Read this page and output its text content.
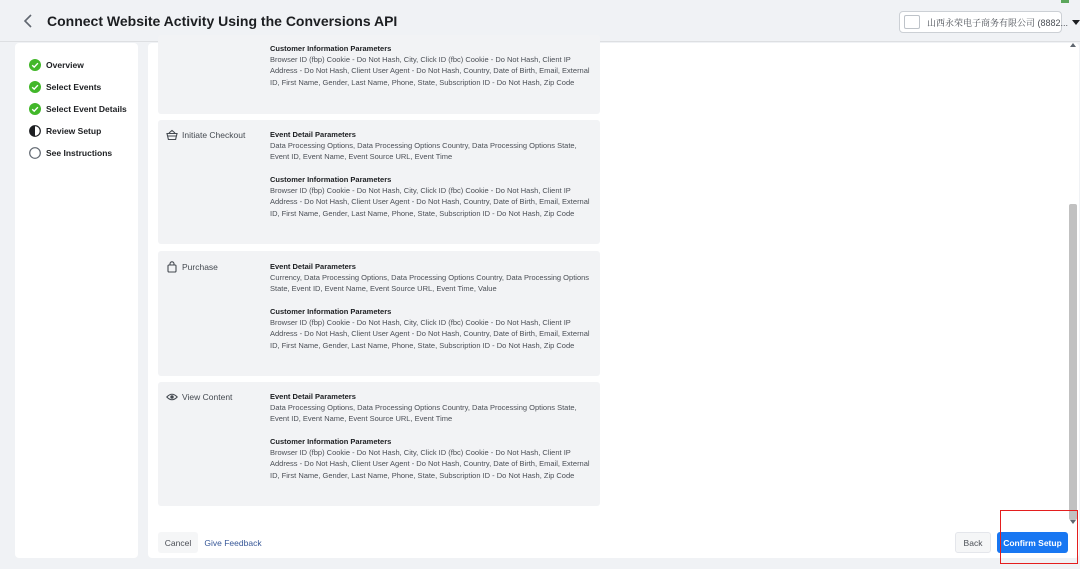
Connect Website Activity Using the Conversions API	山西永荣电子商务有限公司 (8882...
Overview
Select Events
Select Event Details
Review Setup
See Instructions
Customer Information Parameters
Browser ID (fbp) Cookie - Do Not Hash, City, Click ID (fbc) Cookie - Do Not Hash, Client IP Address - Do Not Hash, Client User Agent - Do Not Hash, Country, Date of Birth, Email, External ID, First Name, Gender, Last Name, Phone, State, Subscription ID - Do Not Hash, Zip Code
Initiate Checkout	Event Detail Parameters
Data Processing Options, Data Processing Options Country, Data Processing Options State, Event ID, Event Name, Event Source URL, Event Time
Customer Information Parameters
Browser ID (fbp) Cookie - Do Not Hash, City, Click ID (fbc) Cookie - Do Not Hash, Client IP Address - Do Not Hash, Client User Agent - Do Not Hash, Country, Date of Birth, Email, External ID, First Name, Gender, Last Name, Phone, State, Subscription ID - Do Not Hash, Zip Code
Purchase	Event Detail Parameters
Currency, Data Processing Options, Data Processing Options Country, Data Processing Options State, Event ID, Event Name, Event Source URL, Event Time, Value
Customer Information Parameters
Browser ID (fbp) Cookie - Do Not Hash, City, Click ID (fbc) Cookie - Do Not Hash, Client IP Address - Do Not Hash, Client User Agent - Do Not Hash, Country, Date of Birth, Email, External ID, First Name, Gender, Last Name, Phone, State, Subscription ID - Do Not Hash, Zip Code
View Content	Event Detail Parameters
Data Processing Options, Data Processing Options Country, Data Processing Options State, Event ID, Event Name, Event Source URL, Event Time
Customer Information Parameters
Browser ID (fbp) Cookie - Do Not Hash, City, Click ID (fbc) Cookie - Do Not Hash, Client IP Address - Do Not Hash, Client User Agent - Do Not Hash, Country, Date of Birth, Email, External ID, First Name, Gender, Last Name, Phone, State, Subscription ID - Do Not Hash, Zip Code
Cancel	Give Feedback	Back	Confirm Setup
